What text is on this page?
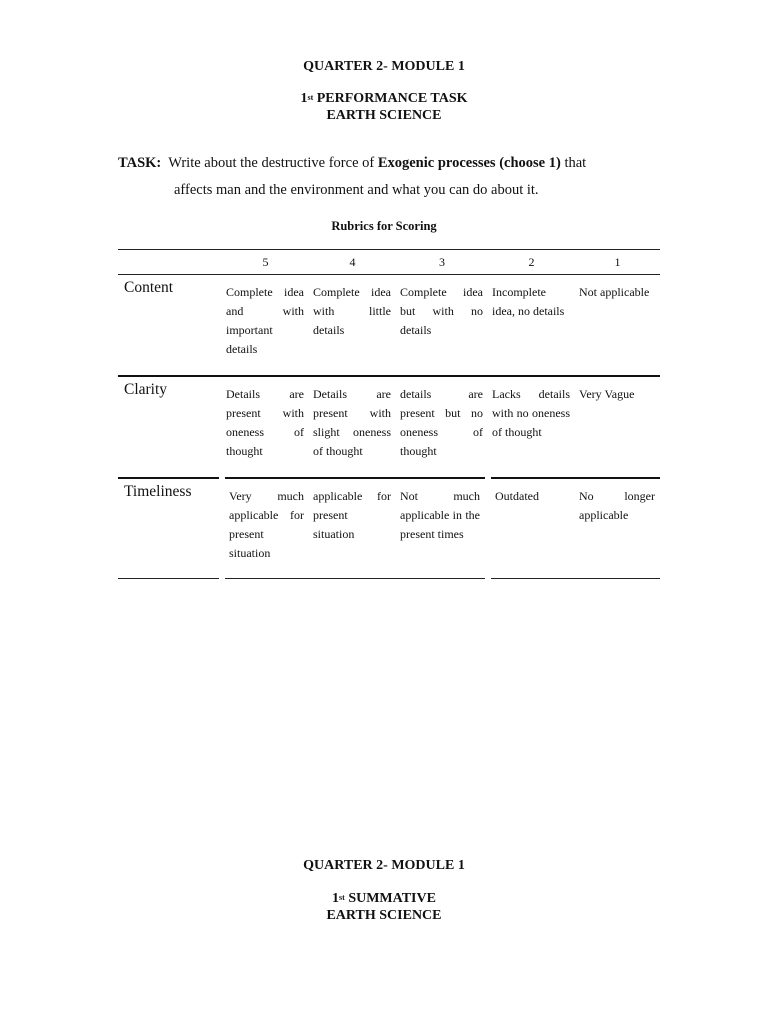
QUARTER 2- MODULE 1
1st PERFORMANCE TASK
EARTH SCIENCE
TASK: Write about the destructive force of Exogenic processes (choose 1) that
affects man and the environment and what you can do about it.
Rubrics for Scoring
	5	4	3	2	1
Content	Complete idea and with important details	Complete idea with little details	Complete idea but with no details	Incomplete idea, no details	Not applicable
Clarity	Details are present with oneness of thought	Details are present with slight oneness of thought	details are present but no oneness of thought	Lacks details with no oneness of thought	Very Vague
Timeliness	Very much applicable for present situation	applicable for present situation	Not much applicable in the present times	Outdated	No longer applicable
QUARTER 2- MODULE 1
1st SUMMATIVE
EARTH SCIENCE
